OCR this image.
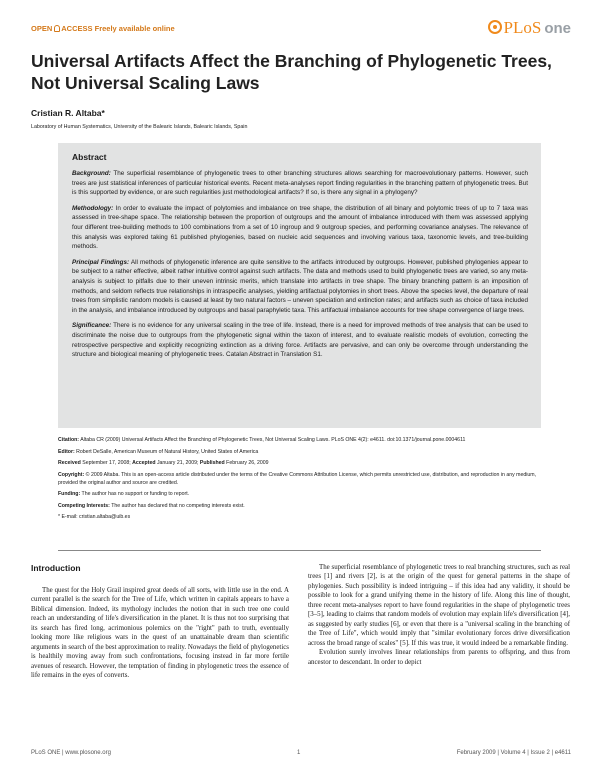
OPEN ACCESS Freely available online	PLoS one
Universal Artifacts Affect the Branching of Phylogenetic Trees, Not Universal Scaling Laws
Cristian R. Altaba*
Laboratory of Human Systematics, University of the Balearic Islands, Balearic Islands, Spain
Abstract

Background: The superficial resemblance of phylogenetic trees to other branching structures allows searching for macroevolutionary patterns. However, such trees are just statistical inferences of particular historical events. Recent meta-analyses report finding regularities in the branching pattern of phylogenetic trees. But is this supported by evidence, or are such regularities just methodological artifacts? If so, is there any signal in a phylogeny?

Methodology: In order to evaluate the impact of polytomies and imbalance on tree shape, the distribution of all binary and polytomic trees of up to 7 taxa was assessed in tree-shape space. The relationship between the proportion of outgroups and the amount of imbalance introduced with them was assessed applying four different tree-building methods to 100 combinations from a set of 10 ingroup and 9 outgroup species, and performing covariance analyses. The relevance of this analysis was explored taking 61 published phylogenies, based on nucleic acid sequences and involving various taxa, taxonomic levels, and tree-building methods.

Principal Findings: All methods of phylogenetic inference are quite sensitive to the artifacts introduced by outgroups. However, published phylogenies appear to be subject to a rather effective, albeit rather intuitive control against such artifacts. The data and methods used to build phylogenetic trees are varied, so any meta-analysis is subject to pitfalls due to their uneven intrinsic merits, which translate into artifacts in tree shape. The binary branching pattern is an imposition of methods, and seldom reflects true relationships in intraspecific analyses, yielding artifactual polytomies in short trees. Above the species level, the departure of real trees from simplistic random models is caused at least by two natural factors – uneven speciation and extinction rates; and artifacts such as choice of taxa included in the analysis, and imbalance introduced by outgroups and basal paraphyletic taxa. This artifactual imbalance accounts for tree shape convergence of large trees.

Significance: There is no evidence for any universal scaling in the tree of life. Instead, there is a need for improved methods of tree analysis that can be used to discriminate the noise due to outgroups from the phylogenetic signal within the taxon of interest, and to evaluate realistic models of evolution, correcting the retrospective perspective and explicitly recognizing extinction as a driving force. Artifacts are pervasive, and can only be overcome through understanding the structure and biological meaning of phylogenetic trees. Catalan Abstract in Translation S1.

Citation: Altaba CR (2009) Universal Artifacts Affect the Branching of Phylogenetic Trees, Not Universal Scaling Laws. PLoS ONE 4(2): e4611. doi:10.1371/journal.pone.0004611

Editor: Robert DeSalle, American Museum of Natural History, United States of America

Received September 17, 2008; Accepted January 21, 2009; Published February 26, 2009

Copyright: © 2009 Altaba. This is an open-access article distributed under the terms of the Creative Commons Attribution License, which permits unrestricted use, distribution, and reproduction in any medium, provided the original author and source are credited.

Funding: The author has no support or funding to report.

Competing Interests: The author has declared that no competing interests exist.

* E-mail: cristian.altaba@uib.es

Introduction

The quest for the Holy Grail inspired great deeds of all sorts, with little use in the end. A current parallel is the search for the Tree of Life, which written in capitals appears to have a Biblical dimension. Indeed, its mythology includes the notion that in such tree one could reach an understanding of life's diversification in the planet. It is thus not too surprising that its search has fired long, acrimonious polemics on the "right" path to truth, eventually looking more like religious wars in the quest of an unattainable dream than scientific arguments in search of the best approximation to reality. Nowadays the field of phylogenetics is healthily moving away from such confrontations, focusing instead in far more fertile avenues of research. However, the temptation of finding in phylogenetic trees the essence of life remains in the eyes of converts.

The superficial resemblance of phylogenetic trees to real branching structures, such as real trees [1] and rivers [2], is at the origin of the quest for general patterns in the shape of phylogenies. Such possibility is indeed intriguing – if this idea had any validity, it should be possible to look for a grand unifying theme in the history of life. Along this line of thought, three recent meta-analyses report to have found regularities in the shape of phylogenetic trees [3–5], leading to claims that random models of evolution may explain life's diversification [4], as suggested by early studies [6], or even that there is a "universal scaling in the branching of the Tree of Life", which would imply that "similar evolutionary forces drive diversification across the broad range of scales" [5]. If this was true, it would indeed be a remarkable finding.

Evolution surely involves linear relationships from parents to offspring, and thus from ancestor to descendant. In order to depict

PLoS ONE | www.plosone.org	1	February 2009 | Volume 4 | Issue 2 | e4611
